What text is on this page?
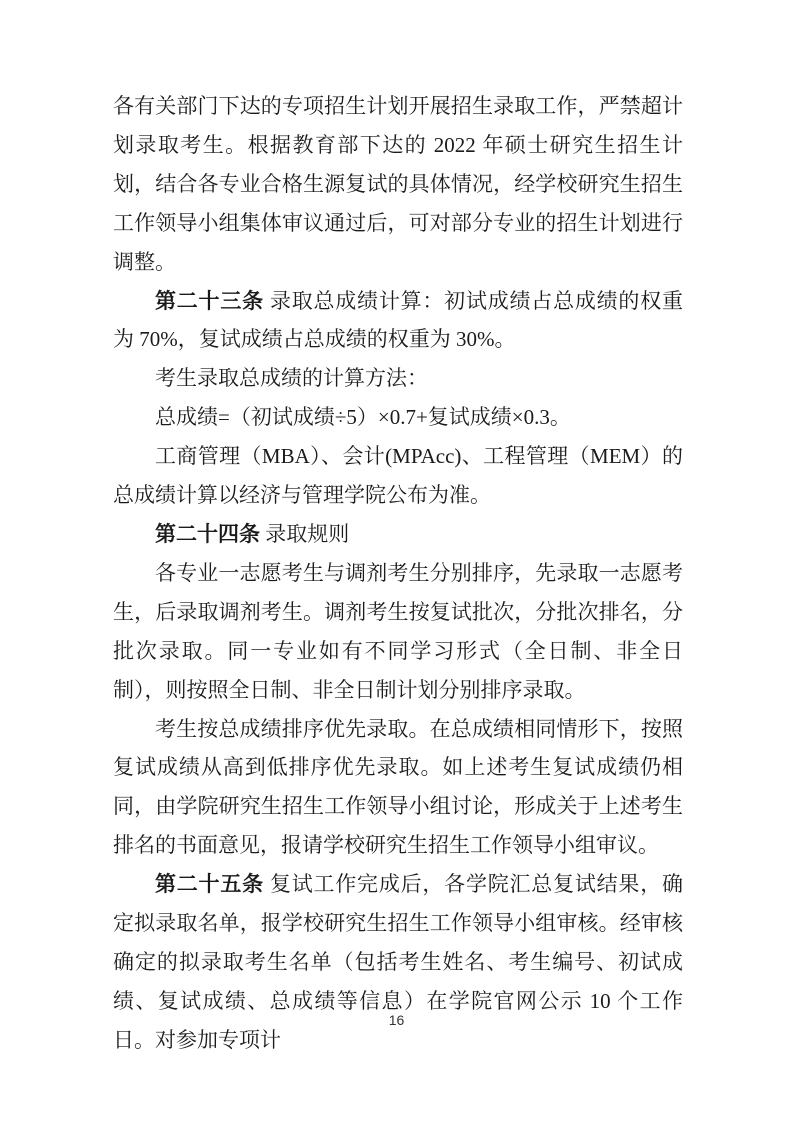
各有关部门下达的专项招生计划开展招生录取工作，严禁超计划录取考生。根据教育部下达的 2022 年硕士研究生招生计划，结合各专业合格生源复试的具体情况，经学校研究生招生工作领导小组集体审议通过后，可对部分专业的招生计划进行调整。

第二十三条 录取总成绩计算：初试成绩占总成绩的权重为 70%，复试成绩占总成绩的权重为 30%。

考生录取总成绩的计算方法：

总成绩=（初试成绩÷5）×0.7+复试成绩×0.3。

工商管理（MBA）、会计(MPAcc)、工程管理（MEM）的总成绩计算以经济与管理学院公布为准。

第二十四条 录取规则

各专业一志愿考生与调剂考生分别排序，先录取一志愿考生，后录取调剂考生。调剂考生按复试批次，分批次排名，分批次录取。同一专业如有不同学习形式（全日制、非全日制），则按照全日制、非全日制计划分别排序录取。

考生按总成绩排序优先录取。在总成绩相同情形下，按照复试成绩从高到低排序优先录取。如上述考生复试成绩仍相同，由学院研究生招生工作领导小组讨论，形成关于上述考生排名的书面意见，报请学校研究生招生工作领导小组审议。

第二十五条 复试工作完成后，各学院汇总复试结果，确定拟录取名单，报学校研究生招生工作领导小组审核。经审核确定的拟录取考生名单（包括考生姓名、考生编号、初试成绩、复试成绩、总成绩等信息）在学院官网公示 10 个工作日。对参加专项计

16
